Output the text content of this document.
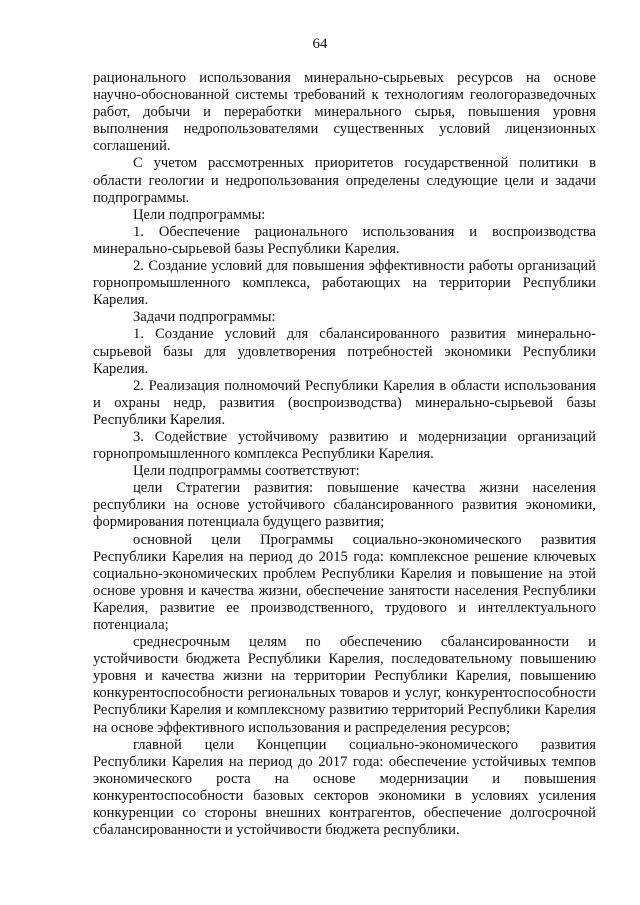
64

рационального использования минерально-сырьевых ресурсов на основе научно-обоснованной системы требований к технологиям геологоразведочных работ, добычи и переработки минерального сырья, повышения уровня выполнения недропользователями существенных условий лицензионных соглашений.

С учетом рассмотренных приоритетов государственной политики в области геологии и недропользования определены следующие цели и задачи подпрограммы.

Цели подпрограммы:

1. Обеспечение рационального использования и воспроизводства минерально-сырьевой базы Республики Карелия.

2. Создание условий для повышения эффективности работы организаций горнопромышленного комплекса, работающих на территории Республики Карелия.

Задачи подпрограммы:

1. Создание условий для сбалансированного развития минерально-сырьевой базы для удовлетворения потребностей экономики Республики Карелия.

2. Реализация полномочий Республики Карелия в области использования и охраны недр, развития (воспроизводства) минерально-сырьевой базы Республики Карелия.

3. Содействие устойчивому развитию и модернизации организаций горнопромышленного комплекса Республики Карелия.

Цели подпрограммы соответствуют:

цели Стратегии развития: повышение качества жизни населения республики на основе устойчивого сбалансированного развития экономики, формирования потенциала будущего развития;

основной цели Программы социально-экономического развития Республики Карелия на период до 2015 года: комплексное решение ключевых социально-экономических проблем Республики Карелия и повышение на этой основе уровня и качества жизни, обеспечение занятости населения Республики Карелия, развитие ее производственного, трудового и интеллектуального потенциала;

среднесрочным целям по обеспечению сбалансированности и устойчивости бюджета Республики Карелия, последовательному повышению уровня и качества жизни на территории Республики Карелия, повышению конкурентоспособности региональных товаров и услуг, конкурентоспособности Республики Карелия и комплексному развитию территорий Республики Карелия на основе эффективного использования и распределения ресурсов;

главной цели Концепции социально-экономического развития Республики Карелия на период до 2017 года: обеспечение устойчивых темпов экономического роста на основе модернизации и повышения конкурентоспособности базовых секторов экономики в условиях усиления конкуренции со стороны внешних контрагентов, обеспечение долгосрочной сбалансированности и устойчивости бюджета республики.
